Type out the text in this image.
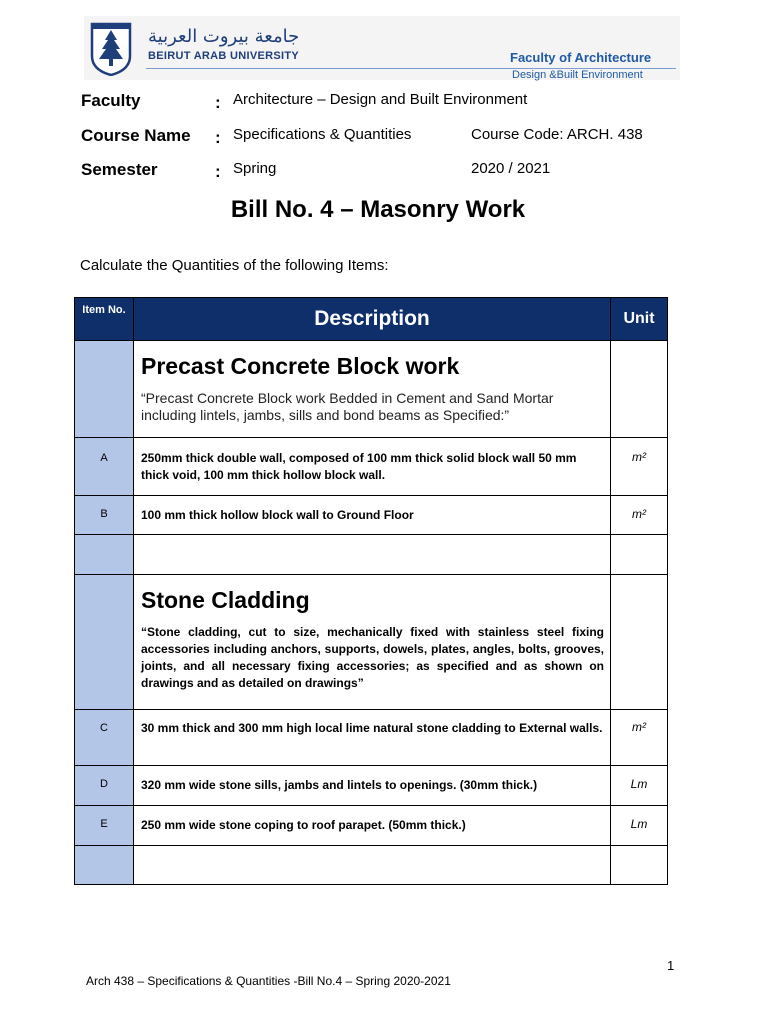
جامعة بيروت العربية
BEIRUT ARAB UNIVERSITY	Faculty of Architecture
Design &Built Environment
Faculty	: Architecture – Design and Built Environment
Course Name : Specifications & Quantities	Course Code: ARCH. 438
Semester	: Spring	2020 / 2021
Bill No. 4 – Masonry Work
Calculate the Quantities of the following Items:
Item No.	Description	Unit

	Precast Concrete Block work
“Precast Concrete Block work Bedded in Cement and Sand Mortar including lintels, jambs, sills and bond beams as Specified:”	

A	250mm thick double wall, composed of 100 mm thick solid block wall 50 mm thick void, 100 mm thick hollow block wall.	m²
B	100 mm thick hollow block wall to Ground Floor	m²

	Stone Cladding
“Stone cladding, cut to size, mechanically fixed with stainless steel fixing accessories including anchors, supports, dowels, plates, angles, bolts, grooves, joints, and all necessary fixing accessories; as specified and as shown on drawings and as detailed on drawings”	

C	30 mm thick and 300 mm high local lime natural stone cladding to External walls.	m²
D	320 mm wide stone sills, jambs and lintels to openings. (30mm thick.)	Lm
E	250 mm wide stone coping to roof parapet. (50mm thick.)	Lm

1
Arch 438 – Specifications & Quantities -Bill No.4 – Spring 2020-2021
